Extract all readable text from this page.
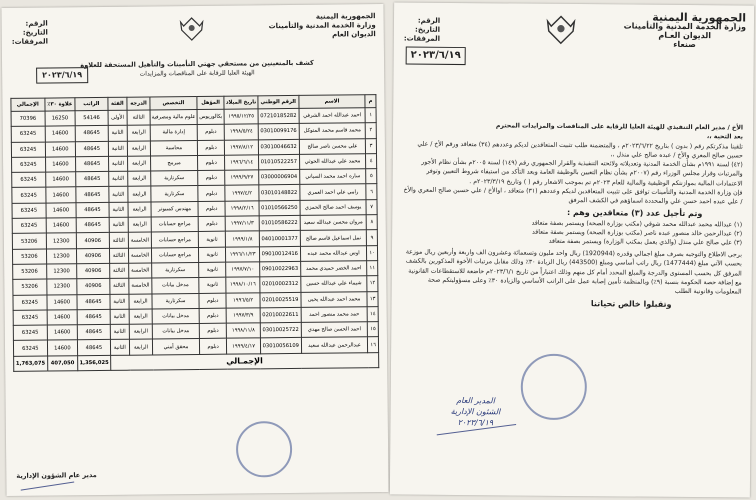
الجمهورية اليمنية
وزارة الخدمة المدنية والتأمينات
الديوان العام
الرقم:
التاريخ:
المرفقات:
٢٠٢٣/٦/١٩
كشف بالمتعينين من مستحقي جهتي التأمينات والتأهيل المستحقة للعلاوة
الهيئة العليا للرقابة على المناقصات والمزايدات
م	الاسم	الرقم الوطني	تاريخ الميلاد	المؤهل	التخصص	الدرجة	الفئة	الراتب	علاوة ٣٠٪	الإجمالي
١	احمد عبدالله احمد الشرفي	07210185282	١٩٩٥/١٢/٢٥	بكالوريوس	علوم مالية ومصرفية	الثالثة	الأولى	54146	16250	70396
٢	محمد قاسم محمد المتوكل	03010099176	١٩٩٨/٥/٢٤	دبلوم	إدارة مالية	الرابعة	الثانية	48645	14600	63245
٣	علي محسن ناصر صالح	03010046632	١٩٩٧/٨/١٢	دبلوم	محاسبة	الرابعة	الثانية	48645	14600	63245
٤	محمد علي عبدالله الحوثي	01010522257	١٩٩٦/٦/١٤	دبلوم	مبرمج	الرابعة	الثانية	48645	14600	63245
٥	ساره احمد محمد السياني	03000006904	١٩٩٩/٩/٢٧	دبلوم	سكرتارية	الرابعة	الثانية	48645	14600	63245
٦	رامي علي احمد العمري	03010148822	١٩٩٧/٤/٢	دبلوم	سكرتارية	الرابعة	الثانية	48645	14600	63245
٧	يوسف احمد صالح الحمزي	01010566250	١٩٩٨/٢/١٦	دبلوم	مهندس كمبيوتر	الرابعة	الثانية	48645	14600	63245
٨	مروان محسن عبدالله سعيد	01010586222	١٩٩٧/١١/٣	دبلوم	مراجع حسابات	الرابعة	الثانية	48645	14600	63245
٩	نبيل اسماعيل قاسم صالح	04010001377	١٩٩٩/١/٨	ثانوية	مراجع حسابات	الخامسة	الثالثة	40906	12300	53206
١٠	اوس عبدالله محمد عبده	09010012416	١٩٩٦/١١/٢٣	ثانوية	مراجع حسابات	الخامسة	الثالثة	40906	12300	53206
١١	احمد الخضر حميدي محمد	09010022963	١٩٩٧/٧/١٠	ثانوية	سكرتارية	الخامسة	الثالثة	40906	12300	53206
١٢	شيماء علي عبدالله حسين	02010002312	١٩٩٨/١٠/١٦	ثانوية	مدخل بيانات	الخامسة	الثالثة	40906	12300	53206
١٣	محمد احمد عبدالله يحيى	02010025519	١٩٩٦/٥/٢	دبلوم	سكرتارية	الرابعة	الثانية	48645	14600	63245
١٤	حمد محمد منصور احمد	02010022611	١٩٩٧/٣/٩	دبلوم	مدخل بيانات	الرابعة	الثانية	48645	14600	63245
١٥	احمد الحسن صالح مهدي	03010025722	١٩٩٨/١١/٨	دبلوم	مدخل بيانات	الرابعة	الثانية	48645	14600	63245
١٦	عبدالرحمن عبدالله سعيد	03010056109	١٩٩٩/٤/١٧	دبلوم	محقق أمني	الرابعة	الثانية	48645	14600	63245
الإجمـالي								1,356,025	407,050	1,763,075
مدير عام الشؤون الإدارية
الجمهورية اليمنية
وزارة الخدمة المدنية والتأمينات
الديوان العـام
صنعاء
الرقم:
التاريخ:
المرفقات:
٢٠٢٣/٦/١٩

الأخ / مدير العام التنفيذي للهيئة العليا للرقابة على المناقصات والمزايدات المحترم

بعد التحية ،،

تلقينا مذكرتكم رقم ( بدون ) بتاريخ ٢٠٢٣/٦/٢٢م ، والمتضمنة طلب تثبيت المتعاقدين لديكم وعددهم (٣٤) متعاقد ورقم الأخ / علي حسين صالح المعري والأخ / عبده صالح علي منذل ،،

(٤٢) لسنة ١٩٩١م بشأن الخدمة المدنية وتعديلاته ولائحته التنفيذية والقرار الجمهوري رقم (١٤٩) لسنة ٢٠٠٥م بشأن نظام الأجور والمرتبات وقرار مجلس الوزراء رقم (٢٠٠٧م بشأن نظام التعيين بالوظيفة العامة وبعد التأكد من استيفاء شروط التعيين وتوفر الاعتمادات المالية بموازنتكم الوظيفية والمالية للعام ٢٠٢٣م تم بموجب الاشعار رقم ( ) وتاريخ ٢٠٢٣/٣/١٩م .

فإن وزارة الخدمة المدنية والتأمينات توافق على تثبيت المتعاقدين لديكم وعددهم (٣١) متعاقد ، اوالأخ / علي حسين صالح المعري والأخ / علي عبده احمد حسن علي والمحددة اسماؤهم في الكشف المرفق

وتم تأجيل عدد (٣) متعاقدين وهم :

(١) عبدالله محمد عبدالله محمد شوقي (مكتب بوزارة الصحة) ويستمر بصفة متعاقد
(٢) عبدالرحمن خالد منصور عبده ناصر (مكتب بوزارة الصحة) ويستمر بصفة متعاقد
(٣) علي صالح علي منذل (والذي يعمل بمكتب الوزارة) ويستمر بصفة متعاقد

برجى الاطلاع والتوجيه بصرف مبلغ اجمالي وقدره (1920944) ريال واحد مليون وتسعمائة وعشرون الف واربعة وأربعين ريال موزعة بحسب الآتي مبلغ (1477444) ريال راتب أساسي ومبلغ (443500) ريال الزيادة ٣٠٪ وذلك مقابل مرتبات الأخوة المذكورين بالكشف المرفق كل بحسب المستوى والدرجة والمبلغ المحدد أمام كل منهم وذلك اعتباراً من تاريخ ٢٠٢٣/٦/١م خاضعة للاستقطاعات القانونية مع إضافة حصة الحكومة بنسبة (٩٪) وبالمنظمة تأمين إصابة عمل على الراتب الأساسي والزيادة ٣٠٪ وعلى مسؤوليتكم صحة المعلومات وقانونية الطلب

وتقبلوا خالص تحياتنا

المدير العام
الشئون الإدارية
٢٠٢٣/٦/١٩
